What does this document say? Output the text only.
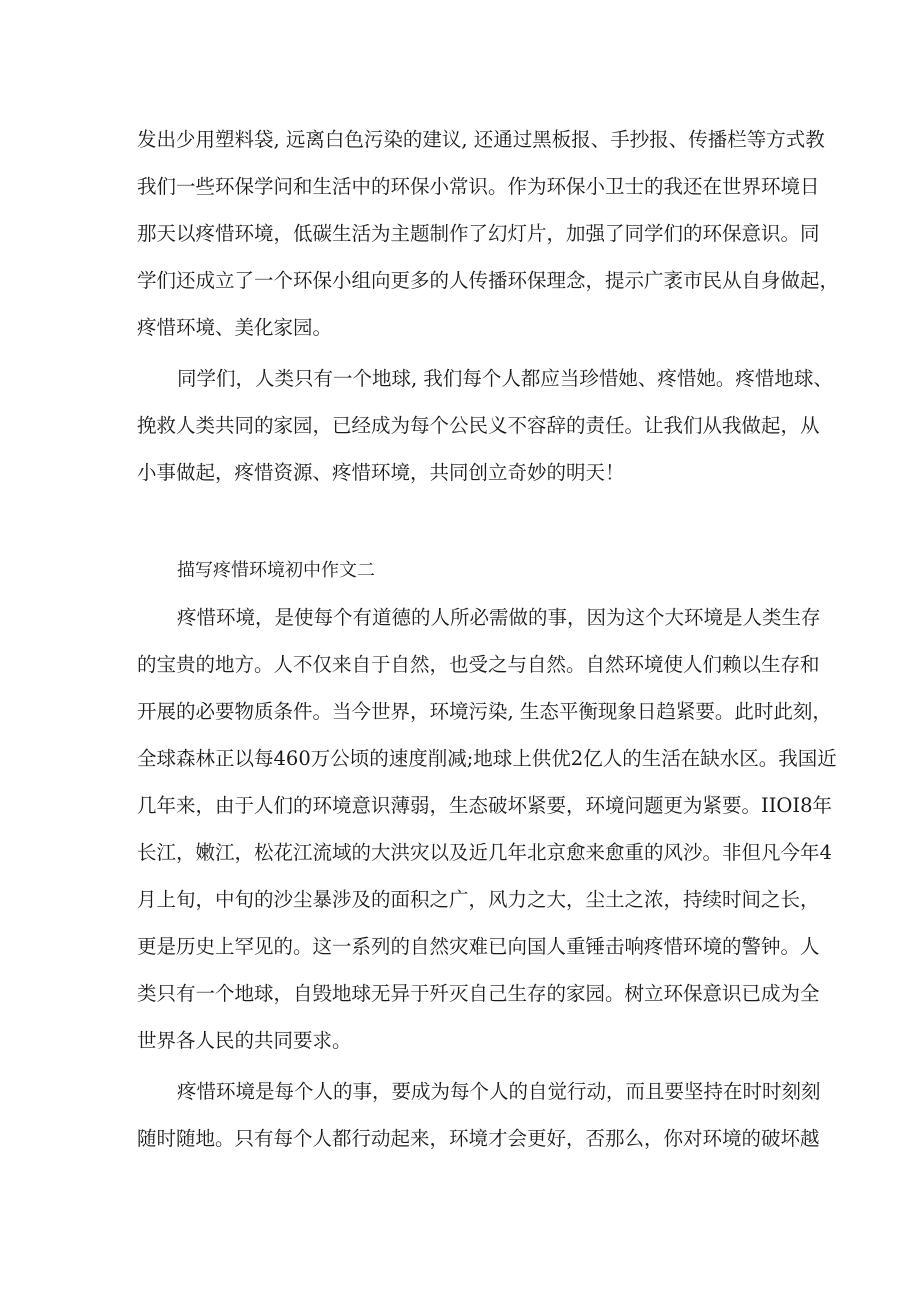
发出少用塑料袋, 远离白色污染的建议, 还通过黑板报、手抄报、传播栏等方式教
我们一些环保学问和生活中的环保小常识。作为环保小卫士的我还在世界环境日
那天以疼惜环境，低碳生活为主题制作了幻灯片，加强了同学们的环保意识。同
学们还成立了一个环保小组向更多的人传播环保理念，提示广袤市民从自身做起，
疼惜环境、美化家园。
同学们，人类只有一个地球, 我们每个人都应当珍惜她、疼惜她。疼惜地球、
挽救人类共同的家园，已经成为每个公民义不容辞的责任。让我们从我做起，从
小事做起，疼惜资源、疼惜环境，共同创立奇妙的明天！
描写疼惜环境初中作文二
疼惜环境，是使每个有道德的人所必需做的事，因为这个大环境是人类生存
的宝贵的地方。人不仅来自于自然，也受之与自然。自然环境使人们赖以生存和
开展的必要物质条件。当今世界，环境污染, 生态平衡现象日趋紧要。此时此刻，
全球森林正以每460万公顷的速度削减;地球上供优2亿人的生活在缺水区。我国近
几年来，由于人们的环境意识薄弱，生态破坏紧要，环境问题更为紧要。IIOI8年
长江，嫩江，松花江流域的大洪灾以及近几年北京愈来愈重的风沙。非但凡今年4
月上旬，中旬的沙尘暴涉及的面积之广，风力之大，尘土之浓，持续时间之长，
更是历史上罕见的。这一系列的自然灾难已向国人重锤击响疼惜环境的警钟。人
类只有一个地球，自毁地球无异于歼灭自己生存的家园。树立环保意识已成为全
世界各人民的共同要求。
疼惜环境是每个人的事，要成为每个人的自觉行动，而且要坚持在时时刻刻
随时随地。只有每个人都行动起来，环境才会更好，否那么，你对环境的破坏越
